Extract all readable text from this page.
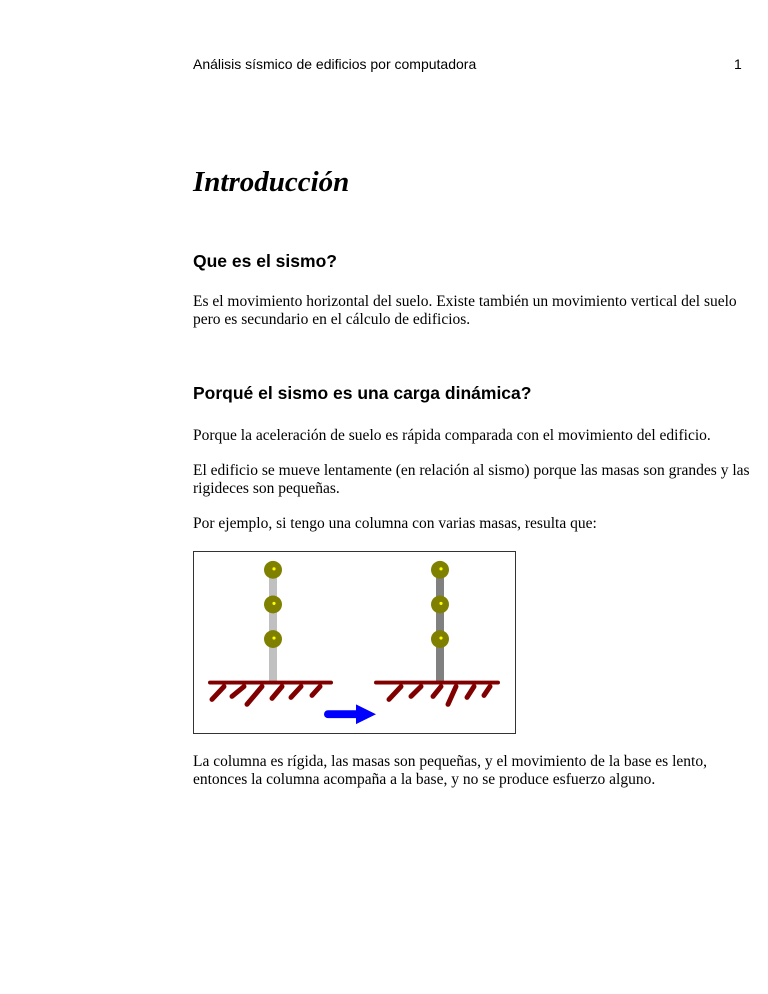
Análisis sísmico de edificios por computadora	1
Introducción
Que es el sismo?

Es el movimiento horizontal del suelo. Existe también un movimiento vertical del suelo pero es secundario en el cálculo de edificios.

Porqué el sismo es una carga dinámica?

Porque la aceleración de suelo es rápida comparada con el movimiento del edificio.

El edificio se mueve lentamente (en relación al sismo) porque las masas son grandes y las rigideces son pequeñas.

Por ejemplo, si tengo una columna con varias masas, resulta que:

La columna es rígida, las masas son pequeñas, y el movimiento de la base es lento, entonces la columna acompaña a la base, y no se produce esfuerzo alguno.
